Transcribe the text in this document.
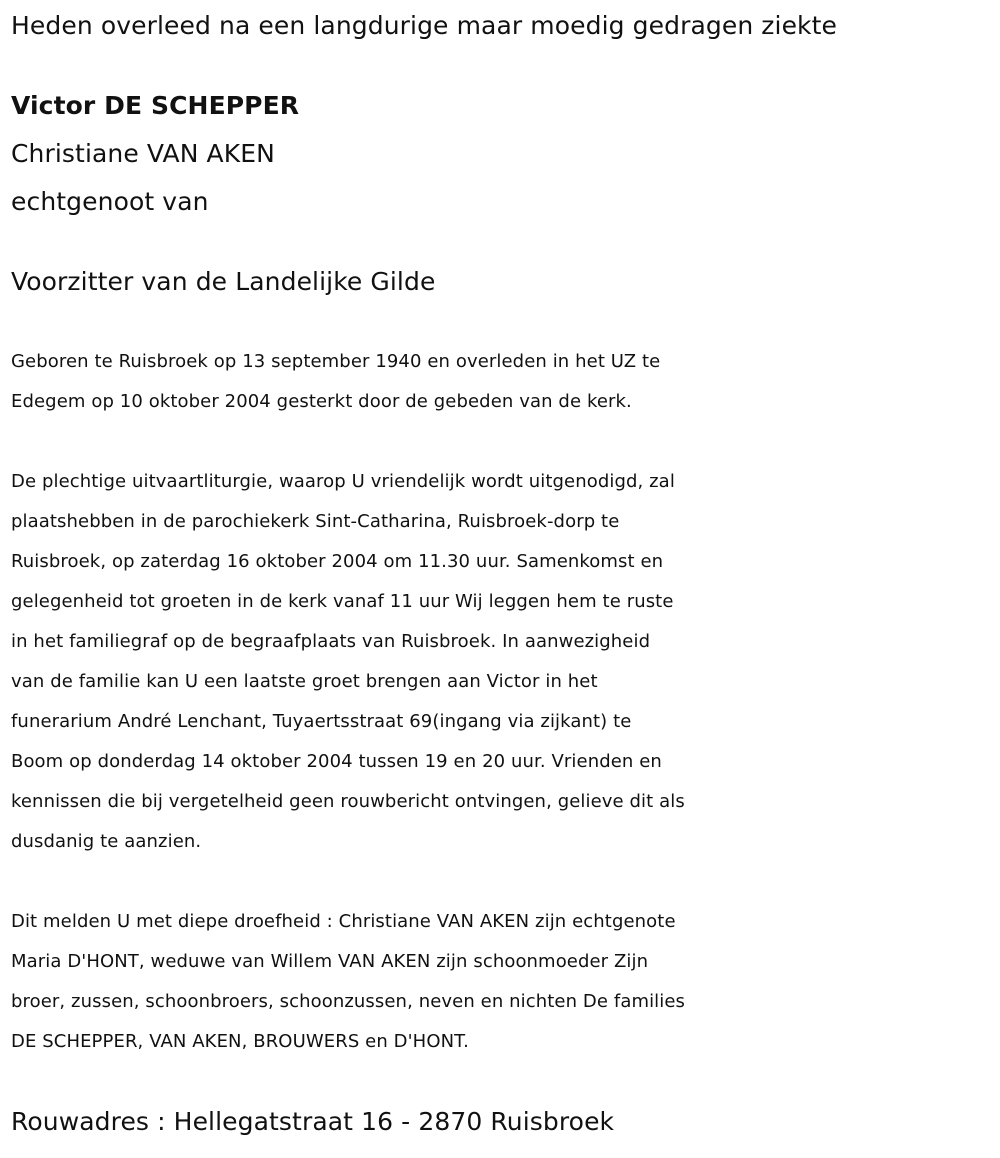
Heden overleed na een langdurige maar moedig gedragen ziekte
Victor DE SCHEPPER
Christiane VAN AKEN
echtgenoot van
Voorzitter van de Landelijke Gilde
Geboren te Ruisbroek op 13 september 1940 en overleden in het UZ te
Edegem op 10 oktober 2004 gesterkt door de gebeden van de kerk.
De plechtige uitvaartliturgie, waarop U vriendelijk wordt uitgenodigd, zal
plaatshebben in de parochiekerk Sint-Catharina, Ruisbroek-dorp te
Ruisbroek, op zaterdag 16 oktober 2004 om 11.30 uur. Samenkomst en
gelegenheid tot groeten in de kerk vanaf 11 uur Wij leggen hem te ruste
in het familiegraf op de begraafplaats van Ruisbroek. In aanwezigheid
van de familie kan U een laatste groet brengen aan Victor in het
funerarium André Lenchant, Tuyaertsstraat 69(ingang via zijkant) te
Boom op donderdag 14 oktober 2004 tussen 19 en 20 uur. Vrienden en
kennissen die bij vergetelheid geen rouwbericht ontvingen, gelieve dit als
dusdanig te aanzien.
Dit melden U met diepe droefheid : Christiane VAN AKEN zijn echtgenote
Maria D'HONT, weduwe van Willem VAN AKEN zijn schoonmoeder Zijn
broer, zussen, schoonbroers, schoonzussen, neven en nichten De families
DE SCHEPPER, VAN AKEN, BROUWERS en D'HONT.
Rouwadres : Hellegatstraat 16 - 2870 Ruisbroek
